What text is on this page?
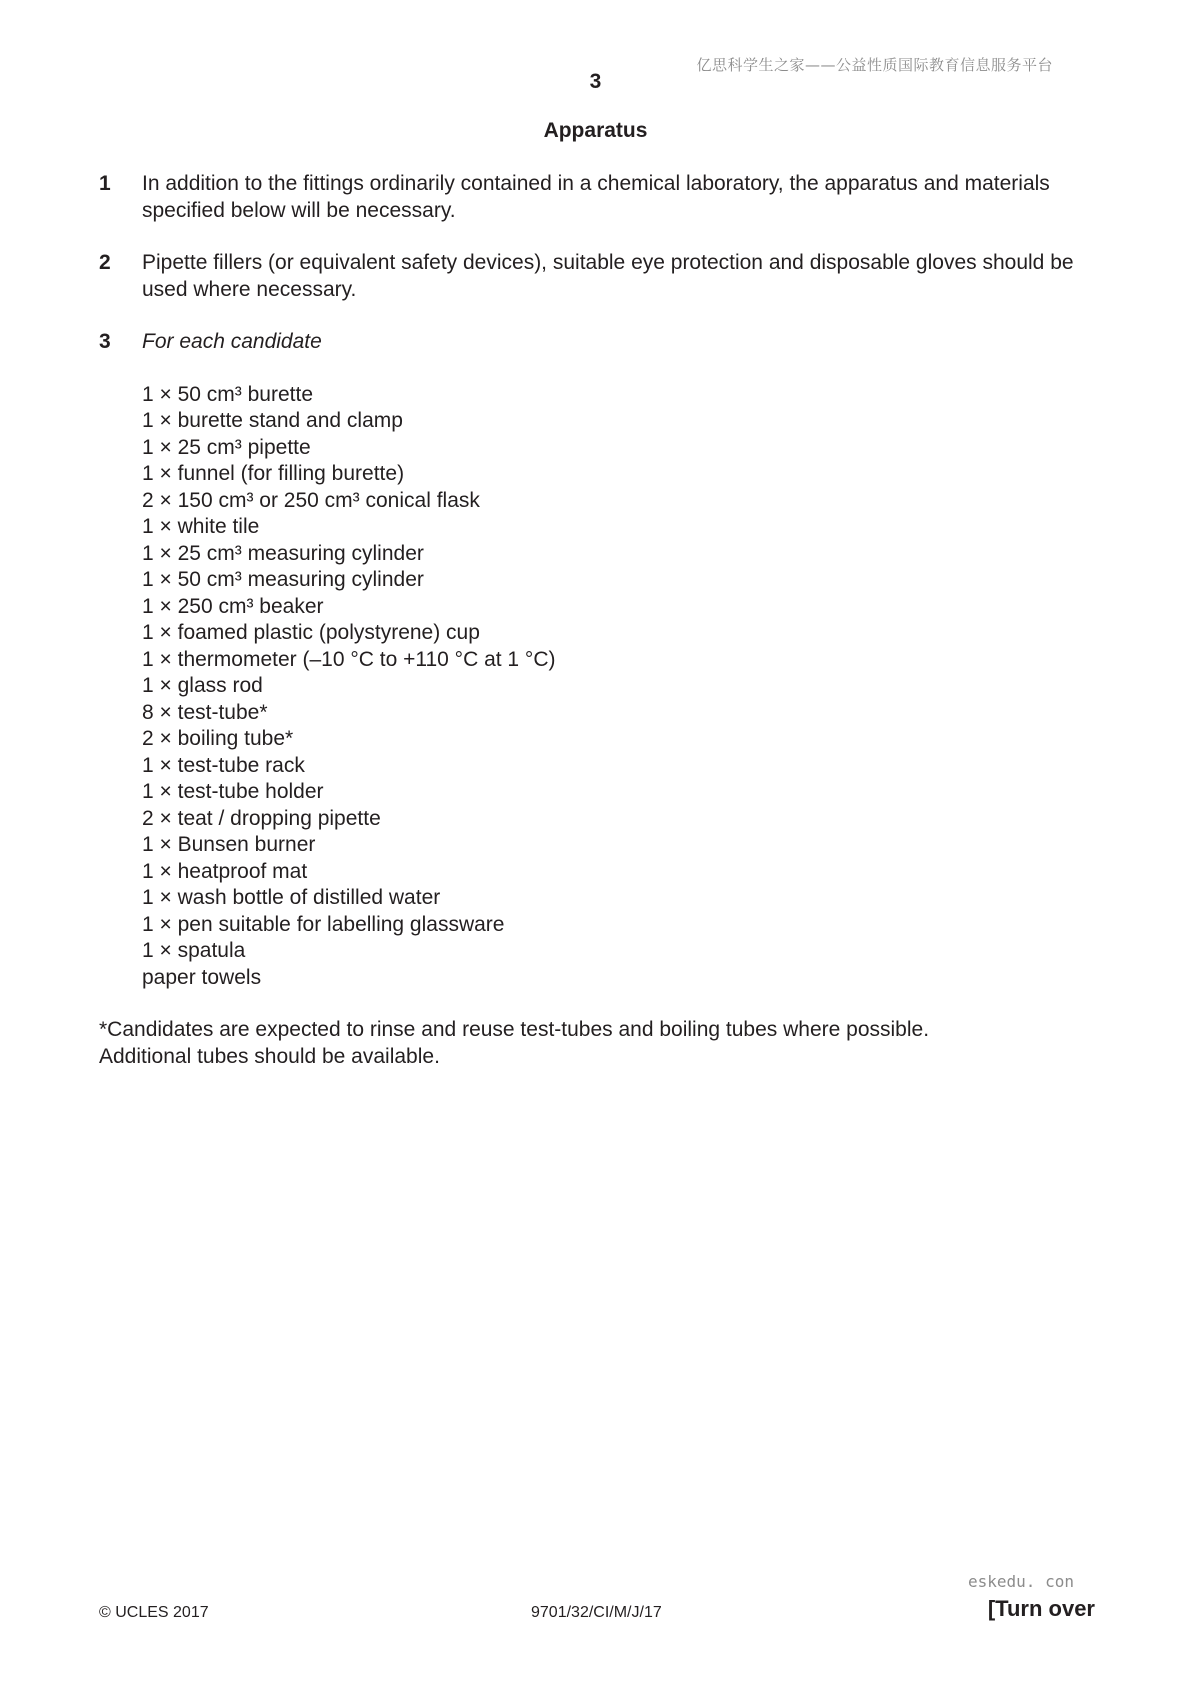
亿思科学生之家——公益性质国际教育信息服务平台
3
Apparatus
1	In addition to the fittings ordinarily contained in a chemical laboratory, the apparatus and materials specified below will be necessary.
2	Pipette fillers (or equivalent safety devices), suitable eye protection and disposable gloves should be used where necessary.
3	For each candidate
1 × 50 cm³ burette
1 × burette stand and clamp
1 × 25 cm³ pipette
1 × funnel (for filling burette)
2 × 150 cm³ or 250 cm³ conical flask
1 × white tile
1 × 25 cm³ measuring cylinder
1 × 50 cm³ measuring cylinder
1 × 250 cm³ beaker
1 × foamed plastic (polystyrene) cup
1 × thermometer (–10 °C to +110 °C at 1 °C)
1 × glass rod
8 × test-tube*
2 × boiling tube*
1 × test-tube rack
1 × test-tube holder
2 × teat / dropping pipette
1 × Bunsen burner
1 × heatproof mat
1 × wash bottle of distilled water
1 × pen suitable for labelling glassware
1 × spatula
paper towels
*Candidates are expected to rinse and reuse test-tubes and boiling tubes where possible.
Additional tubes should be available.
© UCLES 2017	9701/32/CI/M/J/17
eskedu. con
[Turn over
